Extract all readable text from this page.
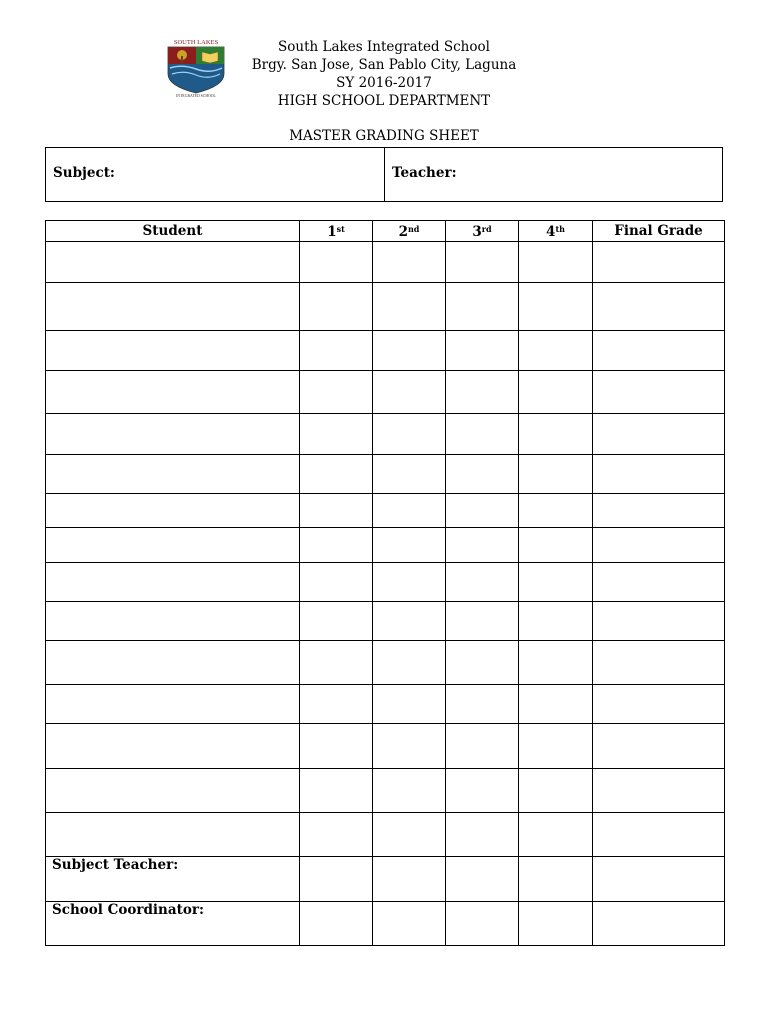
SOUTH LAKES
INTEGRATED SCHOOL
South Lakes Integrated School
Brgy. San Jose, San Pablo City, Laguna
SY 2016-2017
HIGH SCHOOL DEPARTMENT
MASTER GRADING SHEET
Subject:	Teacher:
Student	1st	2nd	3rd	4th	Final Grade

Subject Teacher:					

School Coordinator:					
